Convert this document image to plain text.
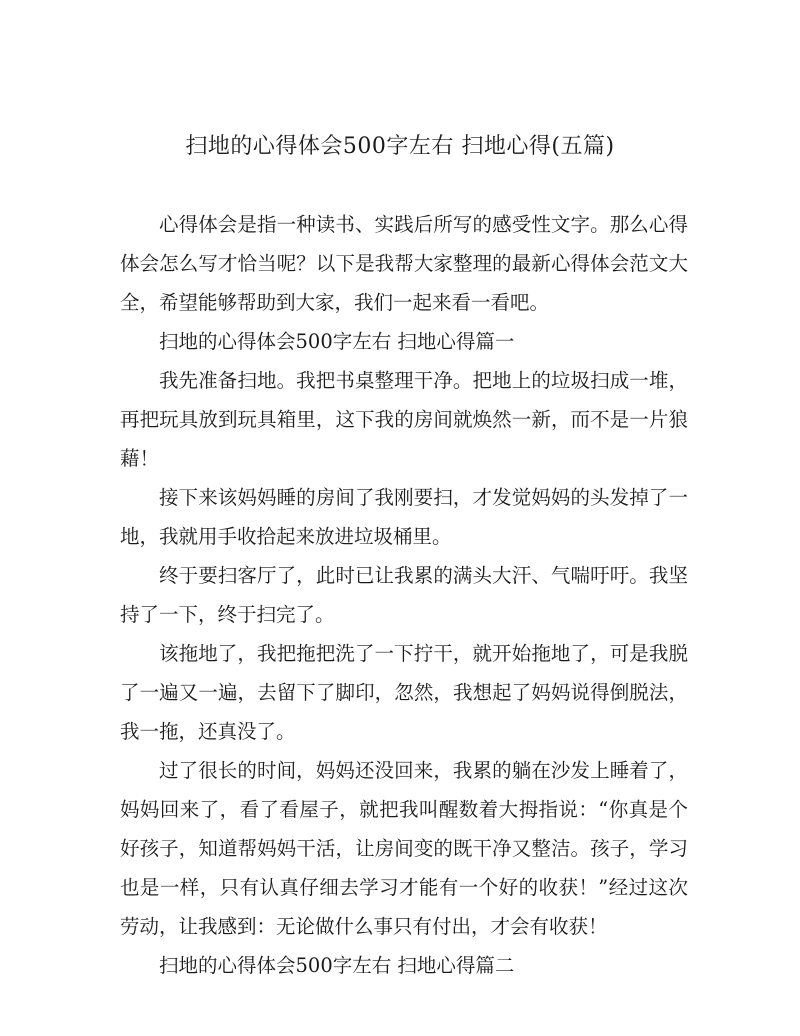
扫地的心得体会500字左右 扫地心得(五篇)

心得体会是指一种读书、实践后所写的感受性文字。那么心得体会怎么写才恰当呢？以下是我帮大家整理的最新心得体会范文大全，希望能够帮助到大家，我们一起来看一看吧。

扫地的心得体会500字左右 扫地心得篇一

我先准备扫地。我把书桌整理干净。把地上的垃圾扫成一堆，再把玩具放到玩具箱里，这下我的房间就焕然一新，而不是一片狼藉！

接下来该妈妈睡的房间了我刚要扫，才发觉妈妈的头发掉了一地，我就用手收拾起来放进垃圾桶里。

终于要扫客厅了，此时已让我累的满头大汗、气喘吁吁。我坚持了一下，终于扫完了。

该拖地了，我把拖把洗了一下拧干，就开始拖地了，可是我脱了一遍又一遍，去留下了脚印，忽然，我想起了妈妈说得倒脱法，我一拖，还真没了。

过了很长的时间，妈妈还没回来，我累的躺在沙发上睡着了，妈妈回来了，看了看屋子，就把我叫醒数着大拇指说：“你真是个好孩子，知道帮妈妈干活，让房间变的既干净又整洁。孩子，学习也是一样，只有认真仔细去学习才能有一个好的收获！”经过这次劳动，让我感到：无论做什么事只有付出，才会有收获！

扫地的心得体会500字左右 扫地心得篇二
